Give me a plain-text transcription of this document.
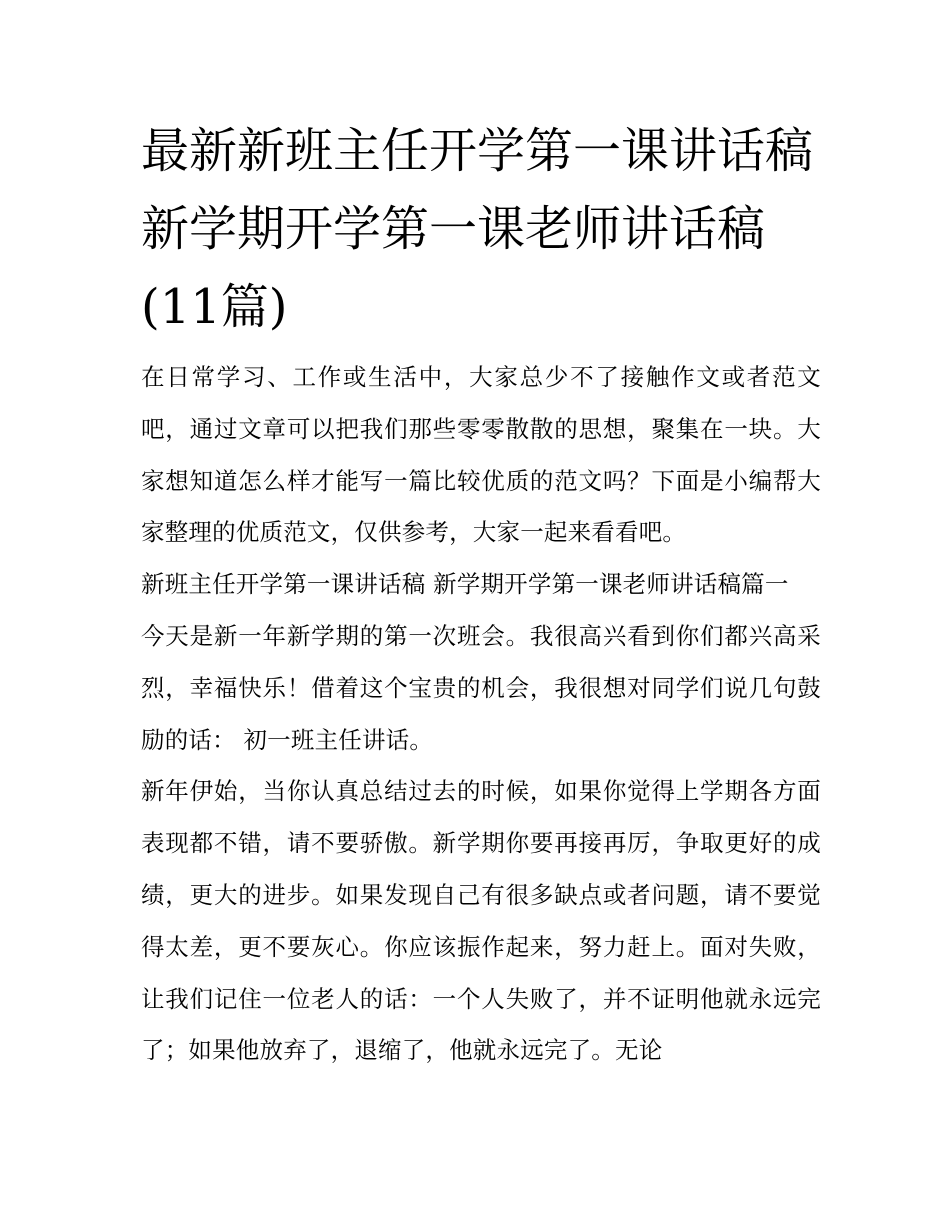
最新新班主任开学第一课讲话稿 新学期开学第一课老师讲话稿(11篇)

在日常学习、工作或生活中，大家总少不了接触作文或者范文吧，通过文章可以把我们那些零零散散的思想，聚集在一块。大家想知道怎么样才能写一篇比较优质的范文吗？下面是小编帮大家整理的优质范文，仅供参考，大家一起来看看吧。

新班主任开学第一课讲话稿 新学期开学第一课老师讲话稿篇一

今天是新一年新学期的第一次班会。我很高兴看到你们都兴高采烈，幸福快乐！借着这个宝贵的机会，我很想对同学们说几句鼓励的话： 初一班主任讲话。

新年伊始，当你认真总结过去的时候，如果你觉得上学期各方面表现都不错，请不要骄傲。新学期你要再接再厉，争取更好的成绩，更大的进步。如果发现自己有很多缺点或者问题，请不要觉得太差，更不要灰心。你应该振作起来，努力赶上。面对失败，让我们记住一位老人的话：一个人失败了，并不证明他就永远完了；如果他放弃了，退缩了，他就永远完了。无论
